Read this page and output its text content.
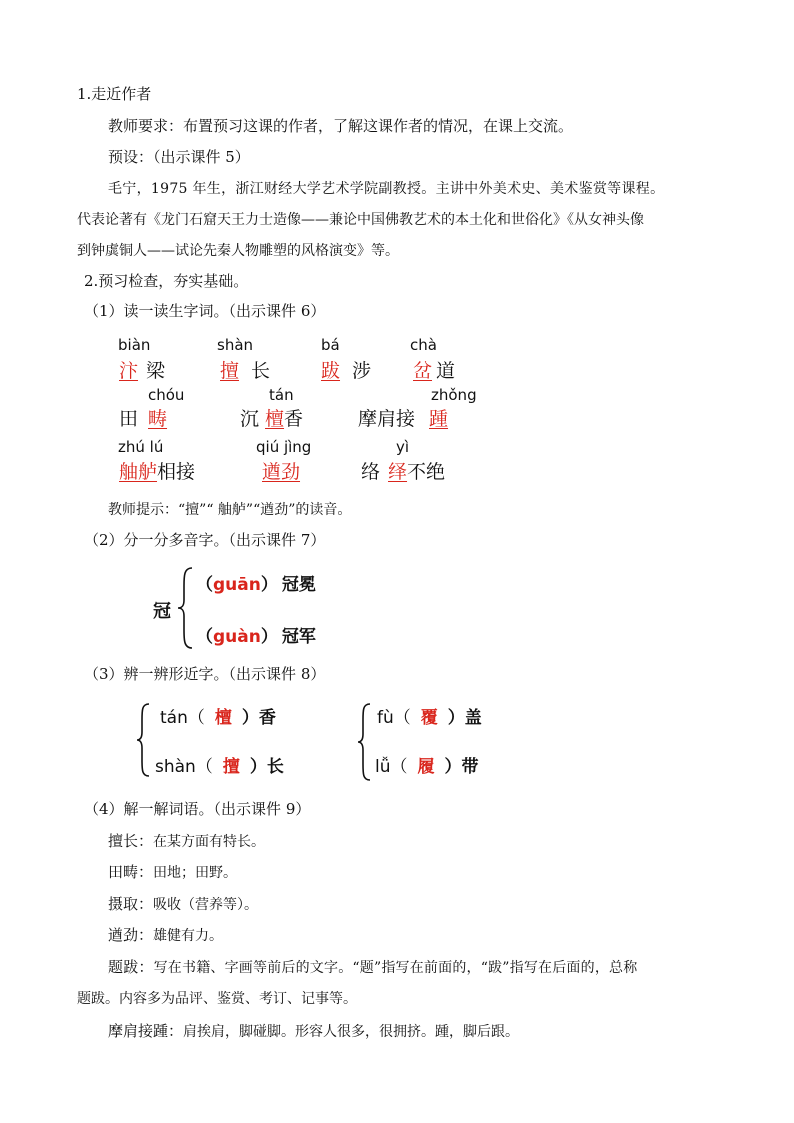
1.走近作者
教师要求：布置预习这课的作者，了解这课作者的情况，在课上交流。
预设：（出示课件 5）
毛宁，1975 年生，浙江财经大学艺术学院副教授。主讲中外美术史、美术鉴赏等课程。
代表论著有《龙门石窟天王力士造像——兼论中国佛教艺术的本土化和世俗化》《从女神头像
到钟虡铜人——试论先秦人物雕塑的风格演变》等。
2.预习检查，夯实基础。
（1）读一读生字词。（出示课件 6）
biàn
汴 梁
shàn
擅 长
bá
跋 涉
chà
岔 道
chóu
田 畴
tán
沉 檀香
zhǒng
摩肩接 踵
zhú lú
舳舻相接
qiú jìng
遒劲
yì
络 绎不绝
教师提示：“擅”“ 舳舻”“遒劲”的读音。
（2）分一分多音字。（出示课件 7）
冠
（guān） 冠冕
（guàn） 冠军
（3）辨一辨形近字。（出示课件 8）
tán（ 檀 ）香
shàn（ 擅 ）长
fù（ 覆 ）盖
lǚ（ 履 ）带
（4）解一解词语。（出示课件 9）
擅长：在某方面有特长。
田畴：田地；田野。
摄取：吸收（营养等）。
遒劲：雄健有力。
题跋：写在书籍、字画等前后的文字。“题”指写在前面的，“跋”指写在后面的，总称
题跋。内容多为品评、鉴赏、考订、记事等。
摩肩接踵：肩挨肩，脚碰脚。形容人很多，很拥挤。踵，脚后跟。
